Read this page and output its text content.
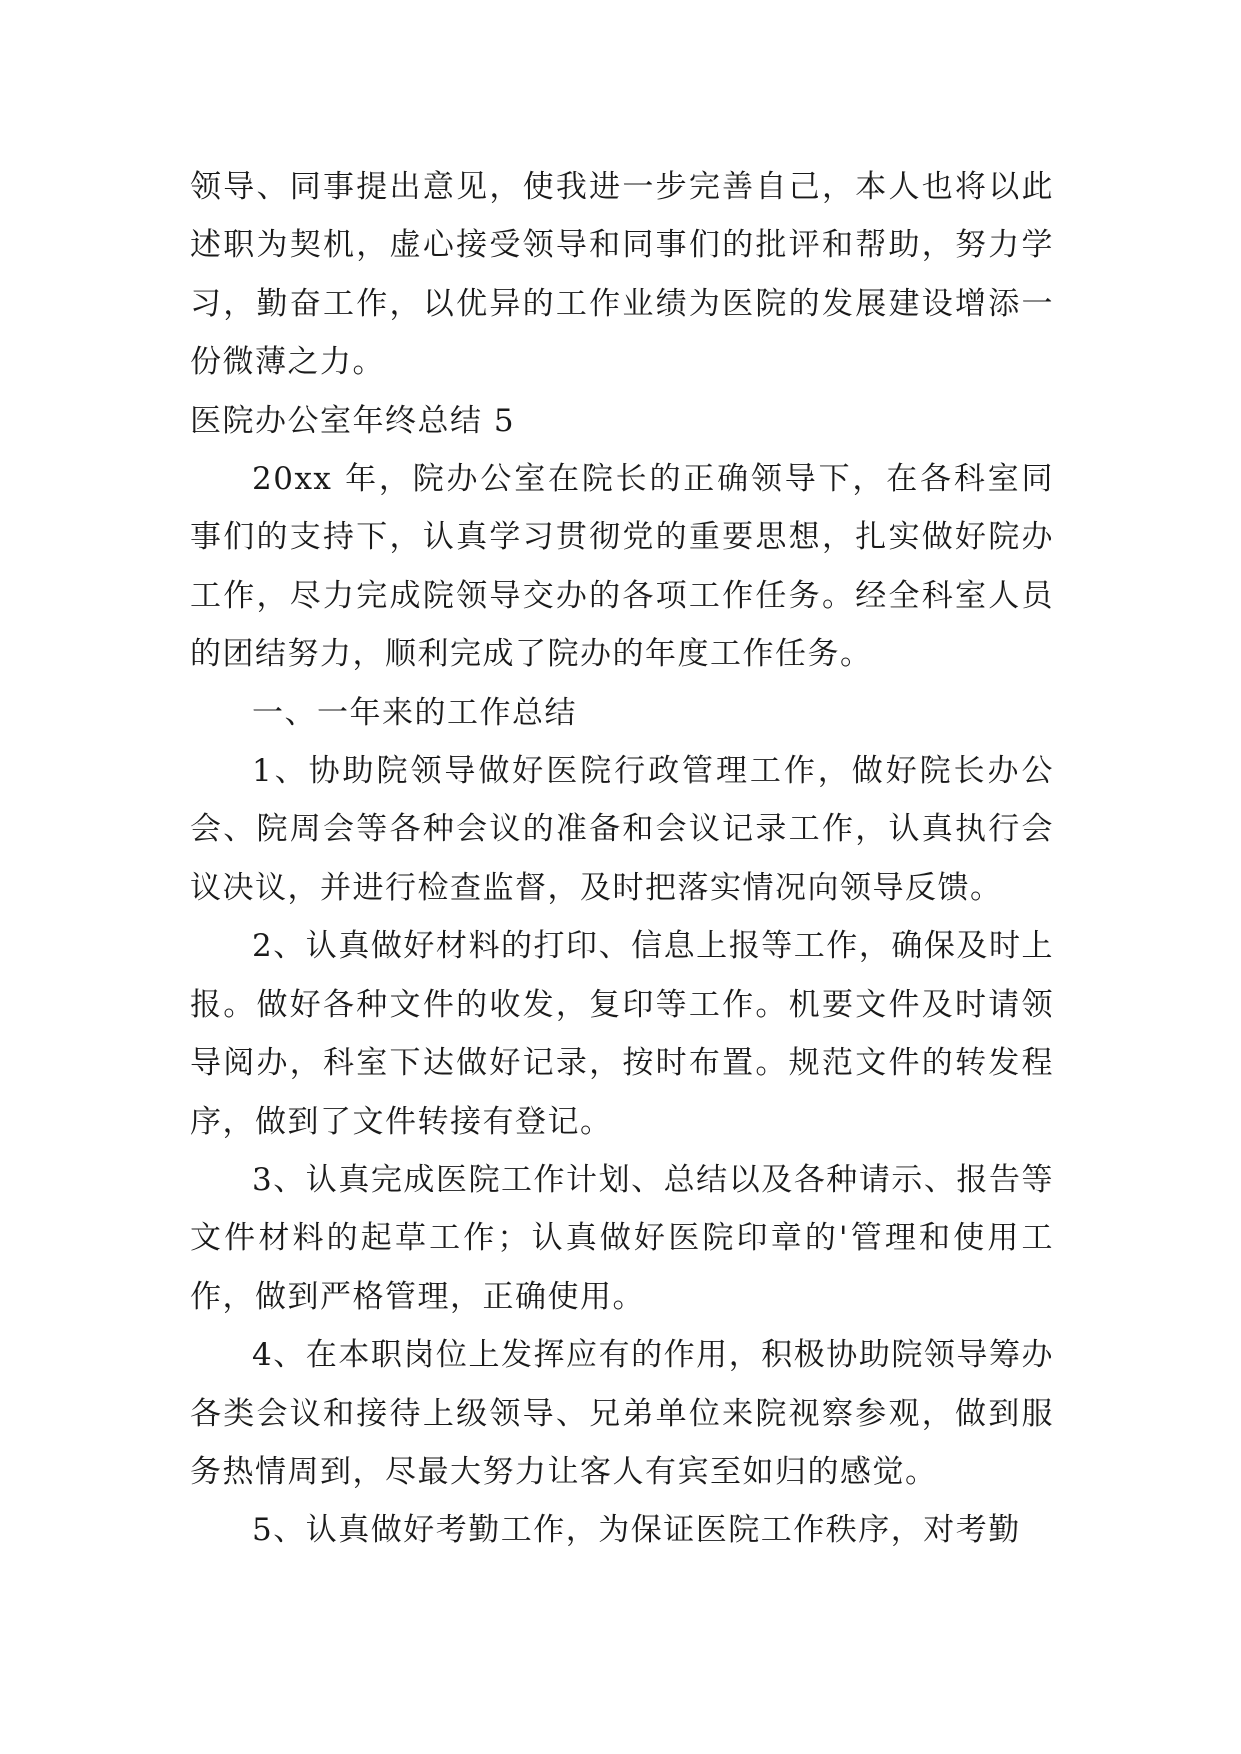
领导、同事提出意见，使我进一步完善自己，本人也将以此述职为契机，虚心接受领导和同事们的批评和帮助，努力学习，勤奋工作，以优异的工作业绩为医院的发展建设增添一份微薄之力。

医院办公室年终总结 5

20xx 年，院办公室在院长的正确领导下，在各科室同事们的支持下，认真学习贯彻党的重要思想，扎实做好院办工作，尽力完成院领导交办的各项工作任务。经全科室人员的团结努力，顺利完成了院办的年度工作任务。

一、一年来的工作总结

1、协助院领导做好医院行政管理工作，做好院长办公会、院周会等各种会议的准备和会议记录工作，认真执行会议决议，并进行检查监督，及时把落实情况向领导反馈。

2、认真做好材料的打印、信息上报等工作，确保及时上报。做好各种文件的收发，复印等工作。机要文件及时请领导阅办，科室下达做好记录，按时布置。规范文件的转发程序，做到了文件转接有登记。

3、认真完成医院工作计划、总结以及各种请示、报告等文件材料的起草工作；认真做好医院印章的'管理和使用工作，做到严格管理，正确使用。

4、在本职岗位上发挥应有的作用，积极协助院领导筹办各类会议和接待上级领导、兄弟单位来院视察参观，做到服务热情周到，尽最大努力让客人有宾至如归的感觉。

5、认真做好考勤工作，为保证医院工作秩序，对考勤
